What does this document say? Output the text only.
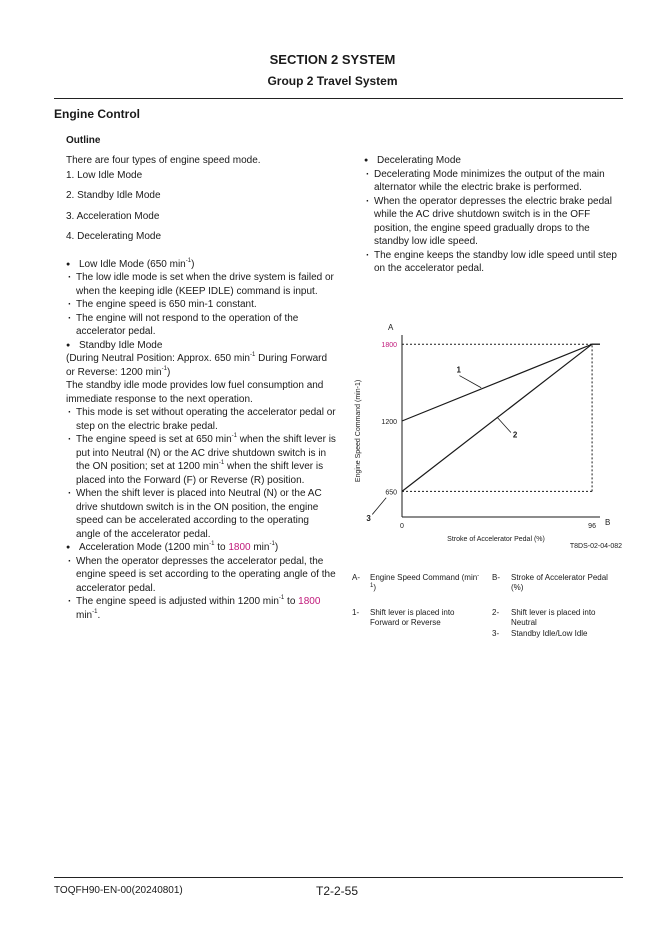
SECTION 2 SYSTEM
Group 2 Travel System
Engine Control
Outline

There are four types of engine speed mode.

1. Low Idle Mode
2. Standby Idle Mode
3. Acceleration Mode
4. Decelerating Mode

● Low Idle Mode (650 $\min^{-1}$)

· The low idle mode is set when the drive system is failed or when the keeping idle (KEEP IDLE) command is input.

· The engine speed is 650 min-1 constant.

· The engine will not respond to the operation of the accelerator pedal.

● Standby Idle Mode

(During Neutral Position: Approx. 650 $\min^{-1}$ During Forward or Reverse: 1200 $\min^{-1}$)

The standby idle mode provides low fuel consumption and immediate response to the next operation.

· This mode is set without operating the accelerator pedal or step on the electric brake pedal.

· The engine speed is set at 650 $\min^{-1}$ when the shift lever is put into Neutral (N) or the AC drive shutdown switch is in the ON position; set at 1200 $\min^{-1}$ when the shift lever is placed into the Forward (F) or Reverse (R) position.

· When the shift lever is placed into Neutral (N) or the AC drive shutdown switch is in the ON position, the engine speed can be accelerated according to the operating angle of the accelerator pedal.

● Acceleration Mode (1200 $\min^{-1}$ to 1800 $\min^{-1}$)

· When the operator depresses the accelerator pedal, the engine speed is set according to the operating angle of the accelerator pedal.

· The engine speed is adjusted within 1200 $\min^{-1}$ to 1800 $\min^{-1}$.

● Decelerating Mode

· Decelerating Mode minimizes the output of the main alternator while the electric brake is performed.

· When the operator depresses the electric brake pedal while the AC drive shutdown switch is in the OFF position, the engine speed gradually drops to the standby low idle speed.

· The engine keeps the standby low idle speed until step on the accelerator pedal.

A
B
650
1200
1800
0	96
Stroke of Accelerator Pedal (%)
Engine Speed Command (min-1)
1
2
3
T8DS-02-04-082
A- Engine Speed Command $(\min^{-1})$
B- Stroke of Accelerator Pedal (%)
1- Shift lever is placed into Forward or Reverse
2- Shift lever is placed into Neutral
3- Standby Idle/Low Idle
TOQFH90-EN-00(20240801)	T2-2-55
